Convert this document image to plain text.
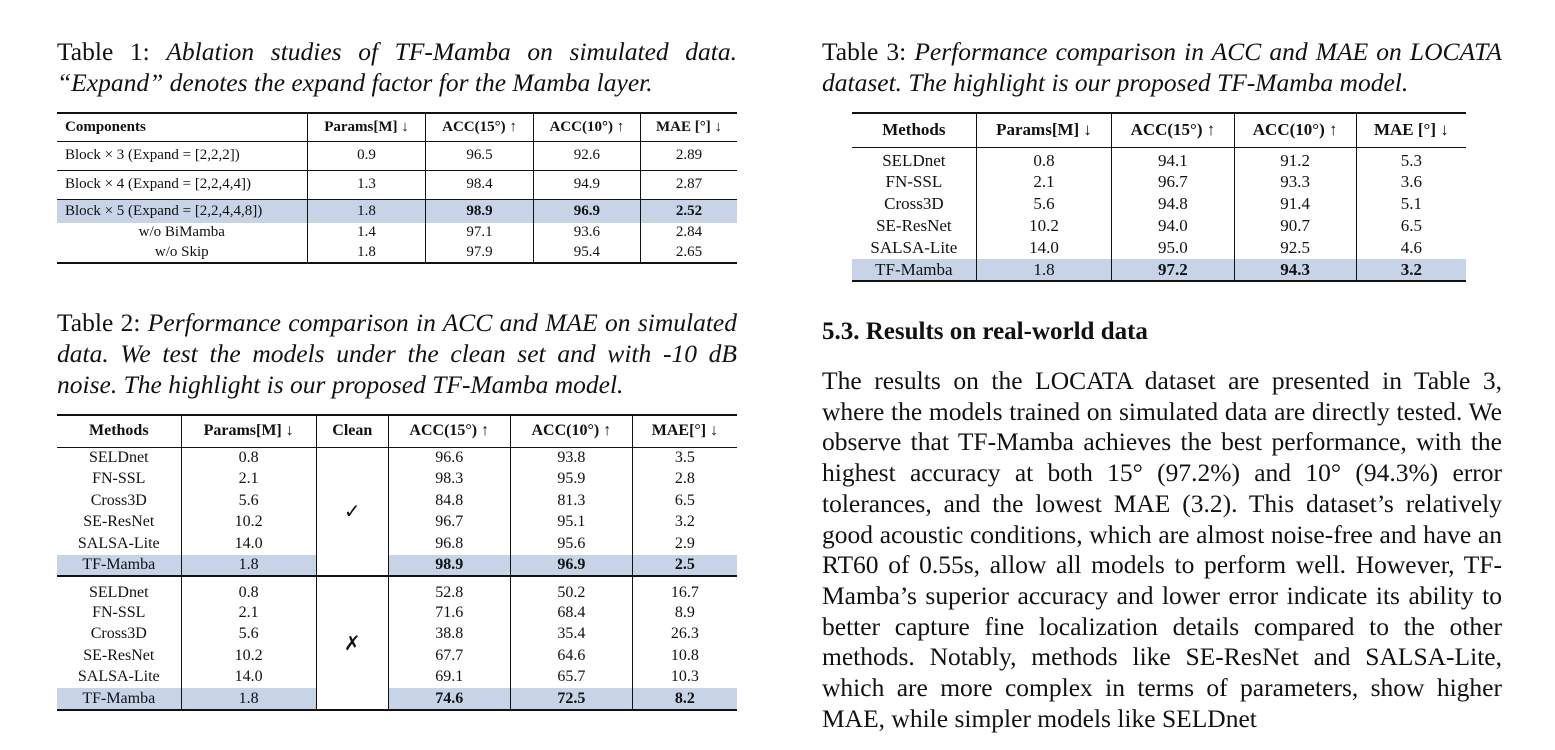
Table 1: Ablation studies of TF-Mamba on simulated data. “Expand” denotes the expand factor for the Mamba layer.
Components	Params[M] ↓	ACC(15°) ↑	ACC(10°) ↑	MAE [°] ↓
Block × 3 (Expand = [2,2,2])	0.9	96.5	92.6	2.89
Block × 4 (Expand = [2,2,4,4])	1.3	98.4	94.9	2.87
Block × 5 (Expand = [2,2,4,4,8])	1.8	98.9	96.9	2.52
w/o BiMamba	1.4	97.1	93.6	2.84
w/o Skip	1.8	97.9	95.4	2.65
Table 2: Performance comparison in ACC and MAE on simulated data. We test the models under the clean set and with -10 dB noise. The highlight is our proposed TF-Mamba model.
Methods	Params[M] ↓	Clean	ACC(15°) ↑	ACC(10°) ↑	MAE[°] ↓
SELDnet	0.8	✓	96.6	93.8	3.5
FN-SSL	2.1		98.3	95.9	2.8
Cross3D	5.6		84.8	81.3	6.5
SE-ResNet	10.2		96.7	95.1	3.2
SALSA-Lite	14.0		96.8	95.6	2.9
TF-Mamba	1.8		98.9	96.9	2.5
SELDnet	0.8	✗	52.8	50.2	16.7
FN-SSL	2.1		71.6	68.4	8.9
Cross3D	5.6		38.8	35.4	26.3
SE-ResNet	10.2		67.7	64.6	10.8
SALSA-Lite	14.0		69.1	65.7	10.3
TF-Mamba	1.8		74.6	72.5	8.2
Table 3: Performance comparison in ACC and MAE on LOCATA dataset. The highlight is our proposed TF-Mamba model.
Methods	Params[M] ↓	ACC(15°) ↑	ACC(10°) ↑	MAE [°] ↓
SELDnet	0.8	94.1	91.2	5.3
FN-SSL	2.1	96.7	93.3	3.6
Cross3D	5.6	94.8	91.4	5.1
SE-ResNet	10.2	94.0	90.7	6.5
SALSA-Lite	14.0	95.0	92.5	4.6
TF-Mamba	1.8	97.2	94.3	3.2
5.3. Results on real-world data

The results on the LOCATA dataset are presented in Table 3, where the models trained on simulated data are directly tested. We observe that TF-Mamba achieves the best performance, with the highest accuracy at both 15° (97.2%) and 10° (94.3%) error tolerances, and the lowest MAE (3.2). This dataset’s relatively good acoustic conditions, which are almost noise-free and have an RT60 of 0.55s, allow all models to perform well. However, TF-Mamba’s superior accuracy and lower error indicate its ability to better capture fine localization details compared to the other methods. Notably, methods like SE-ResNet and SALSA-Lite, which are more complex in terms of parameters, show higher MAE, while simpler models like SELDnet
